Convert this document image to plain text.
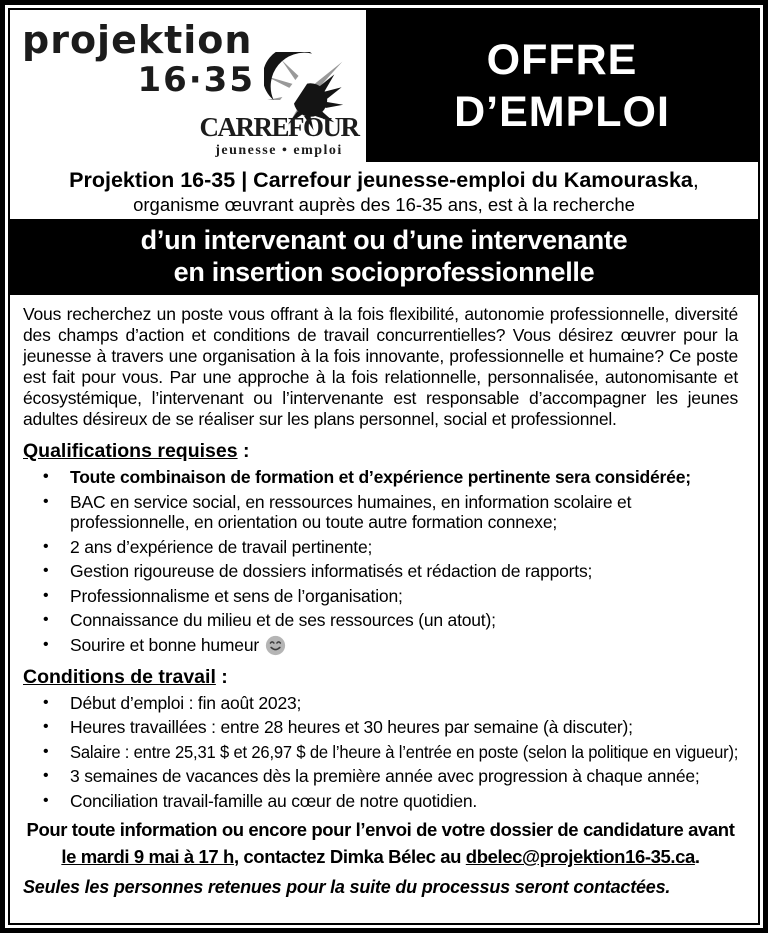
projektion
16·35
CARREFOUR
jeunesse • emploi
OFFRE
D’EMPLOI
Projektion 16-35 | Carrefour jeunesse-emploi du Kamouraska,
organisme œuvrant auprès des 16-35 ans, est à la recherche
d’un intervenant ou d’une intervenante
en insertion socioprofessionnelle
Vous recherchez un poste vous offrant à la fois flexibilité, autonomie professionnelle, diversité des champs d’action et conditions de travail concurrentielles? Vous désirez œuvrer pour la jeunesse à travers une organisation à la fois innovante, professionnelle et humaine? Ce poste est fait pour vous. Par une approche à la fois relationnelle, personnalisée, autonomisante et écosystémique, l’intervenant ou l’intervenante est responsable d’accompagner les jeunes adultes désireux de se réaliser sur les plans personnel, social et professionnel.
Qualifications requises :
•	Toute combinaison de formation et d’expérience pertinente sera considérée;
•	BAC en service social, en ressources humaines, en information scolaire et professionnelle, en orientation ou toute autre formation connexe;
•	2 ans d’expérience de travail pertinente;
•	Gestion rigoureuse de dossiers informatisés et rédaction de rapports;
•	Professionnalisme et sens de l’organisation;
•	Connaissance du milieu et de ses ressources (un atout);
•	Sourire et bonne humeur
Conditions de travail :
•	Début d’emploi : fin août 2023;
•	Heures travaillées : entre 28 heures et 30 heures par semaine (à discuter);
•	Salaire : entre 25,31 $ et 26,97 $ de l’heure à l’entrée en poste (selon la politique en vigueur);
•	3 semaines de vacances dès la première année avec progression à chaque année;
•	Conciliation travail-famille au cœur de notre quotidien.
Pour toute information ou encore pour l’envoi de votre dossier de candidature avant
le mardi 9 mai à 17 h, contactez Dimka Bélec au dbelec@projektion16-35.ca.
Seules les personnes retenues pour la suite du processus seront contactées.
